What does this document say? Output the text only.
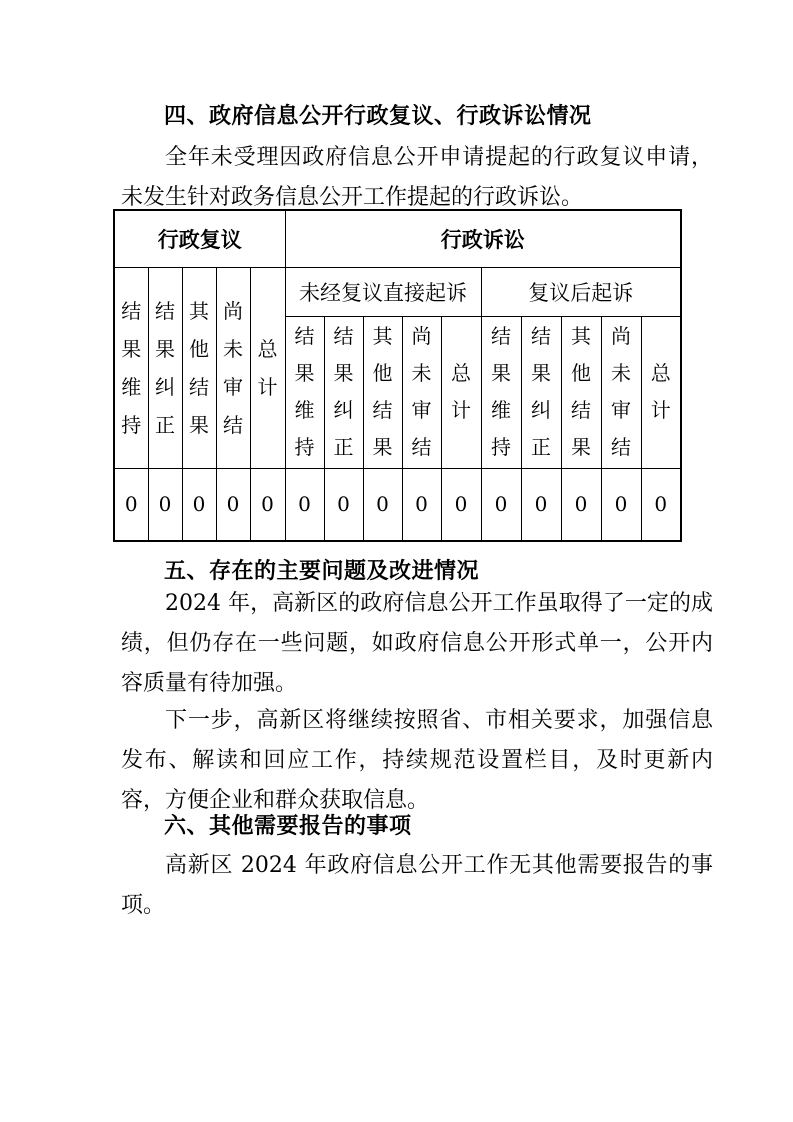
四、政府信息公开行政复议、行政诉讼情况
全年未受理因政府信息公开申请提起的行政复议申请，未发生针对政务信息公开工作提起的行政诉讼。
行政复议					行政诉讼									
结果维持	结果纠正	其他结果	尚未审结	总计	未经复议直接起诉					复议后起诉				
					结果维持	结果纠正	其他结果	尚未审结	总计	结果维持	结果纠正	其他结果	尚未审结	总计
0	0	0	0	0	0	0	0	0	0	0	0	0	0	0
五、存在的主要问题及改进情况
2024 年，高新区的政府信息公开工作虽取得了一定的成绩，但仍存在一些问题，如政府信息公开形式单一，公开内容质量有待加强。
下一步，高新区将继续按照省、市相关要求，加强信息发布、解读和回应工作，持续规范设置栏目，及时更新内容，方便企业和群众获取信息。
六、其他需要报告的事项
高新区 2024 年政府信息公开工作无其他需要报告的事项。
